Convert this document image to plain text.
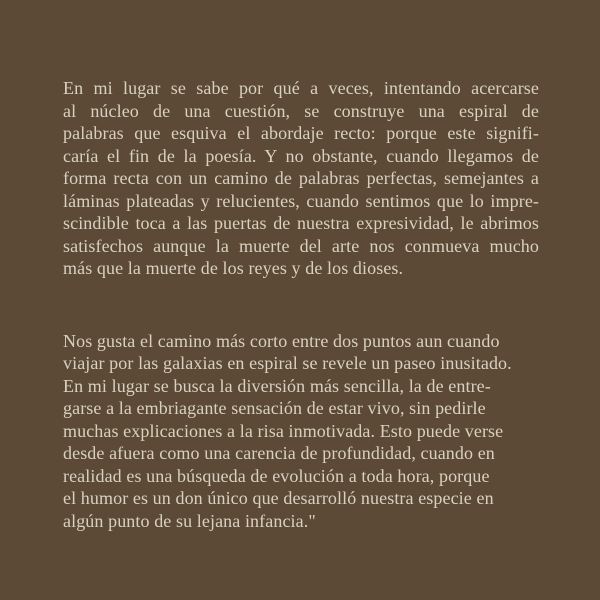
En mi lugar se sabe por qué a veces, intentando acercarse
al núcleo de una cuestión, se construye una espiral de
palabras que esquiva el abordaje recto: porque este signifi-
caría el fin de la poesía. Y no obstante, cuando llegamos de
forma recta con un camino de palabras perfectas, semejantes a
láminas plateadas y relucientes, cuando sentimos que lo impre-
scindible toca a las puertas de nuestra expresividad, le abrimos
satisfechos aunque la muerte del arte nos conmueva mucho
más que la muerte de los reyes y de los dioses.
Nos gusta el camino más corto entre dos puntos aun cuando
viajar por las galaxias en espiral se revele un paseo inusitado.
En mi lugar se busca la diversión más sencilla, la de entre-
garse a la embriagante sensación de estar vivo, sin pedirle
muchas explicaciones a la risa inmotivada. Esto puede verse
desde afuera como una carencia de profundidad, cuando en
realidad es una búsqueda de evolución a toda hora, porque
el humor es un don único que desarrolló nuestra especie en
algún punto de su lejana infancia."
